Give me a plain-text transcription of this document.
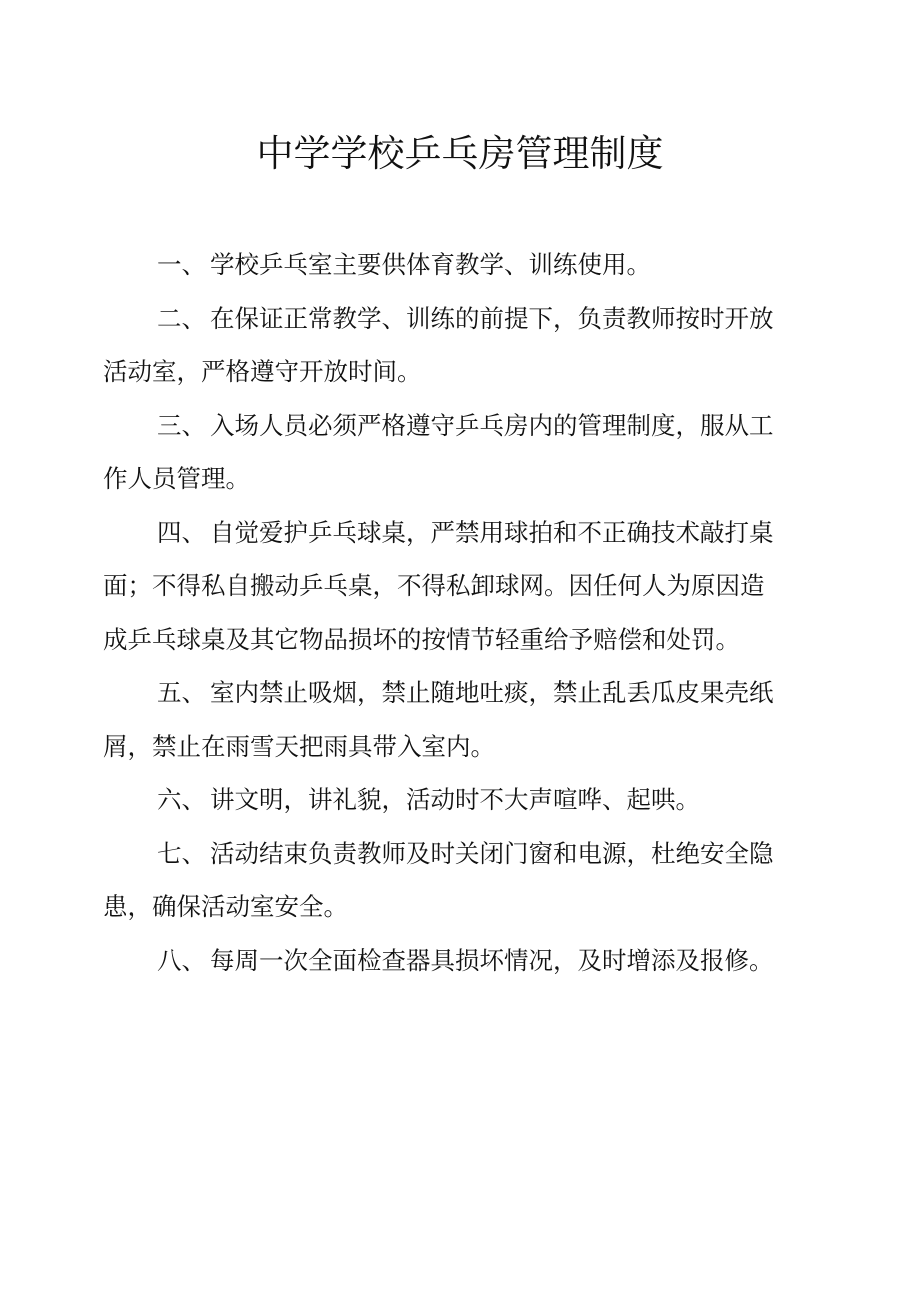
中学学校乒乓房管理制度

一、 学校乒乓室主要供体育教学、训练使用。

二、 在保证正常教学、训练的前提下，负责教师按时开放活动室，严格遵守开放时间。

三、 入场人员必须严格遵守乒乓房内的管理制度，服从工作人员管理。

四、 自觉爱护乒乓球桌，严禁用球拍和不正确技术敲打桌面；不得私自搬动乒乓桌，不得私卸球网。因任何人为原因造成乒乓球桌及其它物品损坏的按情节轻重给予赔偿和处罚。

五、 室内禁止吸烟，禁止随地吐痰，禁止乱丢瓜皮果壳纸屑，禁止在雨雪天把雨具带入室内。

六、 讲文明，讲礼貌，活动时不大声喧哗、起哄。

七、 活动结束负责教师及时关闭门窗和电源，杜绝安全隐患，确保活动室安全。

八、 每周一次全面检查器具损坏情况，及时增添及报修。
